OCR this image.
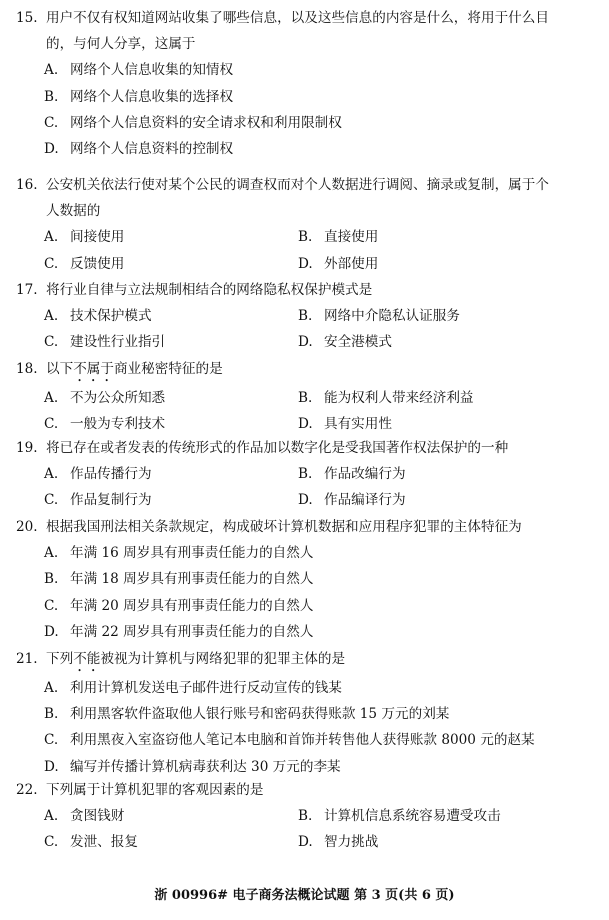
15. 用户不仅有权知道网站收集了哪些信息，以及这些信息的内容是什么，将用于什么目
的，与何人分享，这属于
A. 网络个人信息收集的知情权
B. 网络个人信息收集的选择权
C. 网络个人信息资料的安全请求权和利用限制权
D. 网络个人信息资料的控制权
16. 公安机关依法行使对某个公民的调查权而对个人数据进行调阅、摘录或复制，属于个
人数据的
A. 间接使用	B. 直接使用
C. 反馈使用	D. 外部使用
17. 将行业自律与立法规制相结合的网络隐私权保护模式是
A. 技术保护模式	B. 网络中介隐私认证服务
C. 建设性行业指引	D. 安全港模式
18. 以下不属于商业秘密特征的是
A. 不为公众所知悉	B. 能为权利人带来经济利益
C. 一般为专利技术	D. 具有实用性
19. 将已存在或者发表的传统形式的作品加以数字化是受我国著作权法保护的一种
A. 作品传播行为	B. 作品改编行为
C. 作品复制行为	D. 作品编译行为
20. 根据我国刑法相关条款规定，构成破坏计算机数据和应用程序犯罪的主体特征为
A. 年满 16 周岁具有刑事责任能力的自然人
B. 年满 18 周岁具有刑事责任能力的自然人
C. 年满 20 周岁具有刑事责任能力的自然人
D. 年满 22 周岁具有刑事责任能力的自然人
21. 下列不能被视为计算机与网络犯罪的犯罪主体的是
A. 利用计算机发送电子邮件进行反动宣传的钱某
B. 利用黑客软件盗取他人银行账号和密码获得账款 15 万元的刘某
C. 利用黑夜入室盗窃他人笔记本电脑和首饰并转售他人获得账款 8000 元的赵某
D. 编写并传播计算机病毒获利达 30 万元的李某
22. 下列属于计算机犯罪的客观因素的是
A. 贪图钱财	B. 计算机信息系统容易遭受攻击
C. 发泄、报复	D. 智力挑战
浙 00996# 电子商务法概论试题 第 3 页(共 6 页)
